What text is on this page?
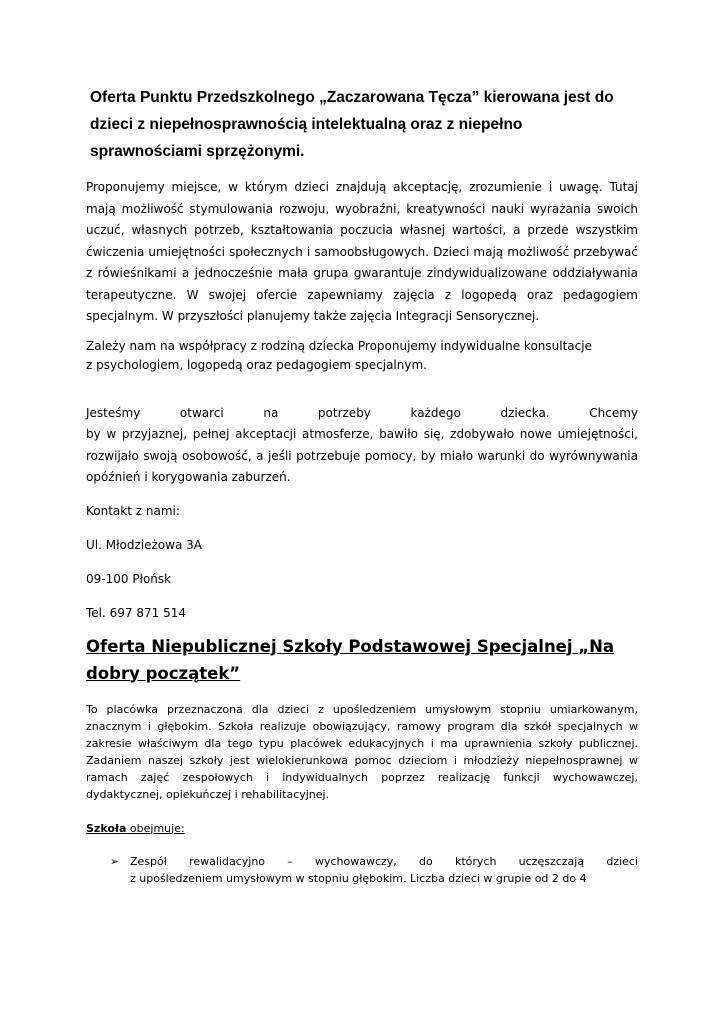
Oferta Punktu Przedszkolnego „Zaczarowana Tęcza” kierowana jest do dzieci z niepełnosprawnością intelektualną oraz z niepełno sprawnościami sprzężonymi.

Proponujemy miejsce, w którym dzieci znajdują akceptację, zrozumienie i uwagę. Tutaj mają możliwość stymulowania rozwoju, wyobraźni, kreatywności nauki wyrażania swoich uczuć, własnych potrzeb, kształtowania poczucia własnej wartości, a przede wszystkim ćwiczenia umiejętności społecznych i samoobsługowych. Dzieci mają możliwość przebywać z rówieśnikami a jednocześnie mała grupa gwarantuje zindywidualizowane oddziaływania terapeutyczne. W swojej ofercie zapewniamy zajęcia z logopedą oraz pedagogiem specjalnym. W przyszłości planujemy także zajęcia Integracji Sensorycznej.

Zależy nam na współpracy z rodziną dziecka Proponujemy indywidualne konsultacje
z psychologiem, logopedą oraz pedagogiem specjalnym.

Jesteśmy otwarci na potrzeby każdego dziecka. Chcemy

by w przyjaznej, pełnej akceptacji atmosferze, bawiło się, zdobywało nowe umiejętności, rozwijało swoją osobowość, a jeśli potrzebuje pomocy, by miało warunki do wyrównywania opóźnień i korygowania zaburzeń.

Kontakt z nami:

Ul. Młodzieżowa 3A

09-100 Płońsk

Tel. 697 871 514

Oferta Niepublicznej Szkoły Podstawowej Specjalnej „Na dobry początek”

To placówka przeznaczona dla dzieci z upośledzeniem umysłowym stopniu umiarkowanym, znacznym i głębokim. Szkoła realizuje obowiązujący, ramowy program dla szkół specjalnych w zakresie właściwym dla tego typu placówek edukacyjnych i ma uprawnienia szkoły publicznej. Zadaniem naszej szkoły jest wielokierunkowa pomoc dzieciom i młodzieży niepełnosprawnej w ramach zajęć zespołowych i indywidualnych poprzez realizację funkcji wychowawczej, dydaktycznej, opiekuńczej i rehabilitacyjnej.

Szkoła obejmuje:

➢ Zespół rewalidacyjno – wychowawczy, do których uczęszczają dzieci
z upośledzeniem umysłowym w stopniu głębokim. Liczba dzieci w grupie od 2 do 4
